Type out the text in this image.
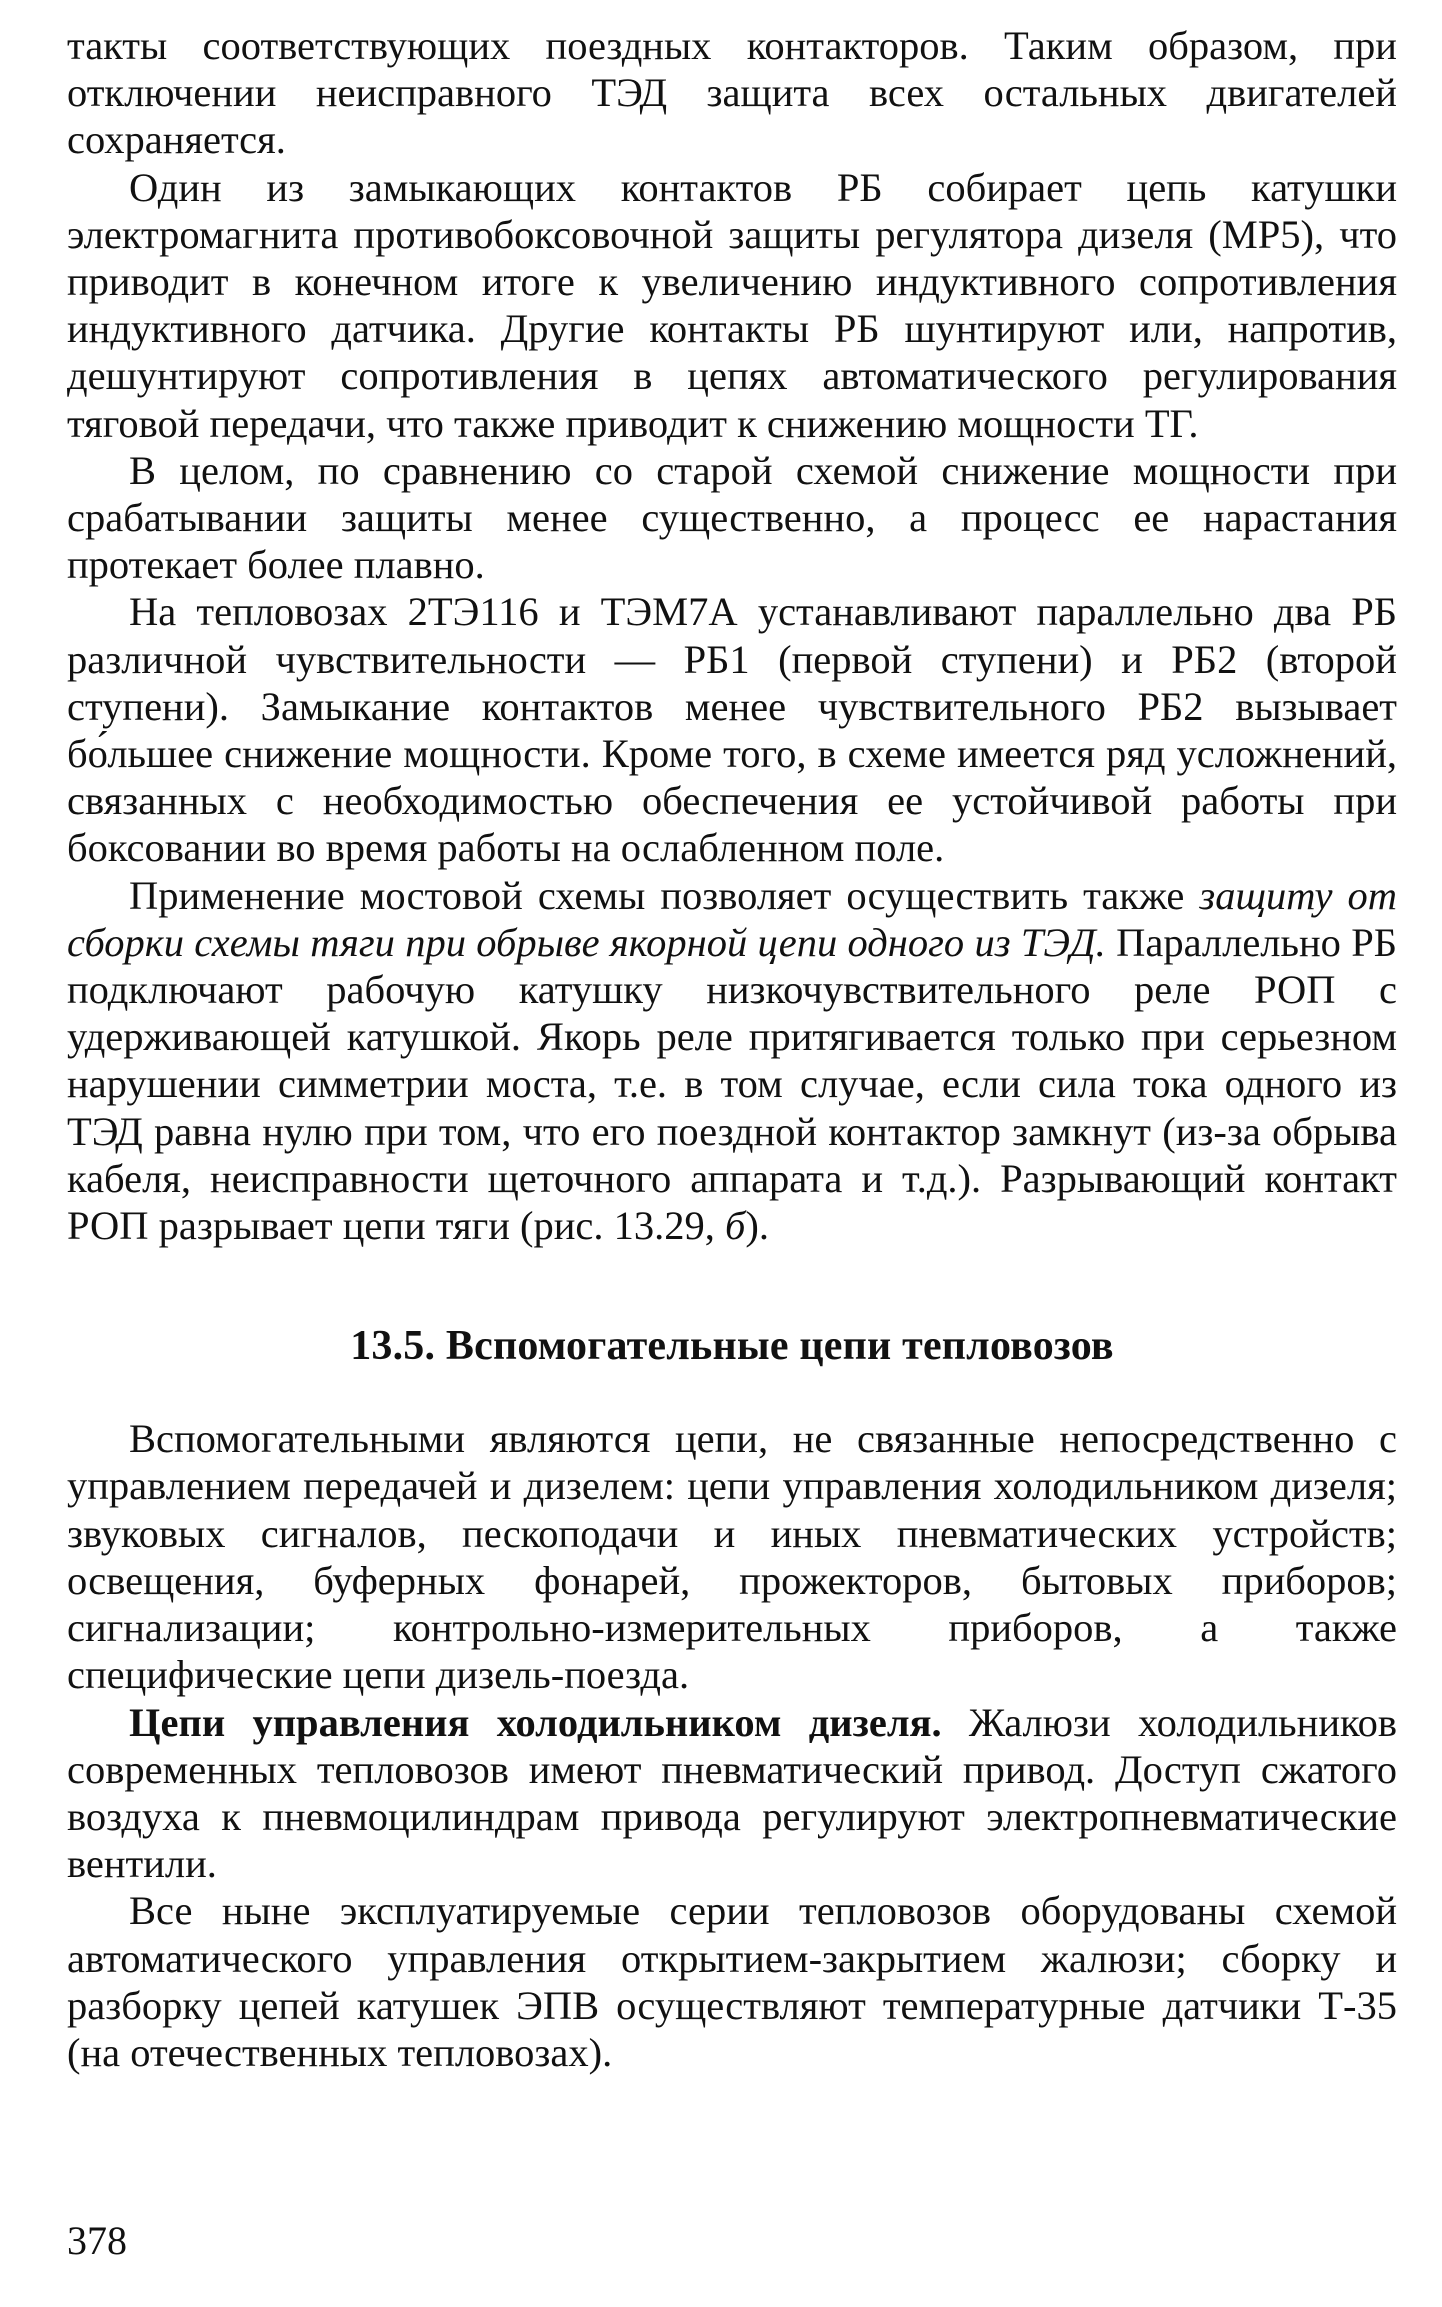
такты соответствующих поездных контакторов. Таким образом, при отключении неисправного ТЭД защита всех остальных двигателей сохраняется.

Один из замыкающих контактов РБ собирает цепь катушки электромагнита противобоксовочной защиты регулятора дизеля (МР5), что приводит в конечном итоге к увеличению индуктивного сопротивления индуктивного датчика. Другие контакты РБ шунтируют или, напротив, дешунтируют сопротивления в цепях автоматического регулирования тяговой передачи, что также приводит к снижению мощности ТГ.

В целом, по сравнению со старой схемой снижение мощности при срабатывании защиты менее существенно, а процесс ее нарастания протекает более плавно.

На тепловозах 2ТЭ116 и ТЭМ7А устанавливают параллельно два РБ различной чувствительности — РБ1 (первой ступени) и РБ2 (второй ступени). Замыкание контактов менее чувствительного РБ2 вызывает бо́льшее снижение мощности. Кроме того, в схеме имеется ряд усложнений, связанных с необходимостью обеспечения ее устойчивой работы при боксовании во время работы на ослабленном поле.

Применение мостовой схемы позволяет осуществить также защиту от сборки схемы тяги при обрыве якорной цепи одного из ТЭД. Параллельно РБ подключают рабочую катушку низкочувствительного реле РОП с удерживающей катушкой. Якорь реле притягивается только при серьезном нарушении симметрии моста, т.е. в том случае, если сила тока одного из ТЭД равна нулю при том, что его поездной контактор замкнут (из-за обрыва кабеля, неисправности щеточного аппарата и т.д.). Разрывающий контакт РОП разрывает цепи тяги (рис. 13.29, б).

13.5. Вспомогательные цепи тепловозов

Вспомогательными являются цепи, не связанные непосредственно с управлением передачей и дизелем: цепи управления холодильником дизеля; звуковых сигналов, пескоподачи и иных пневматических устройств; освещения, буферных фонарей, прожекторов, бытовых приборов; сигнализации; контрольно-измерительных приборов, а также специфические цепи дизель-поезда.

Цепи управления холодильником дизеля. Жалюзи холодильников современных тепловозов имеют пневматический привод. Доступ сжатого воздуха к пневмоцилиндрам привода регулируют электропневматические вентили.

Все ныне эксплуатируемые серии тепловозов оборудованы схемой автоматического управления открытием-закрытием жалюзи; сборку и разборку цепей катушек ЭПВ осуществляют температурные датчики Т-35 (на отечественных тепловозах).

378
